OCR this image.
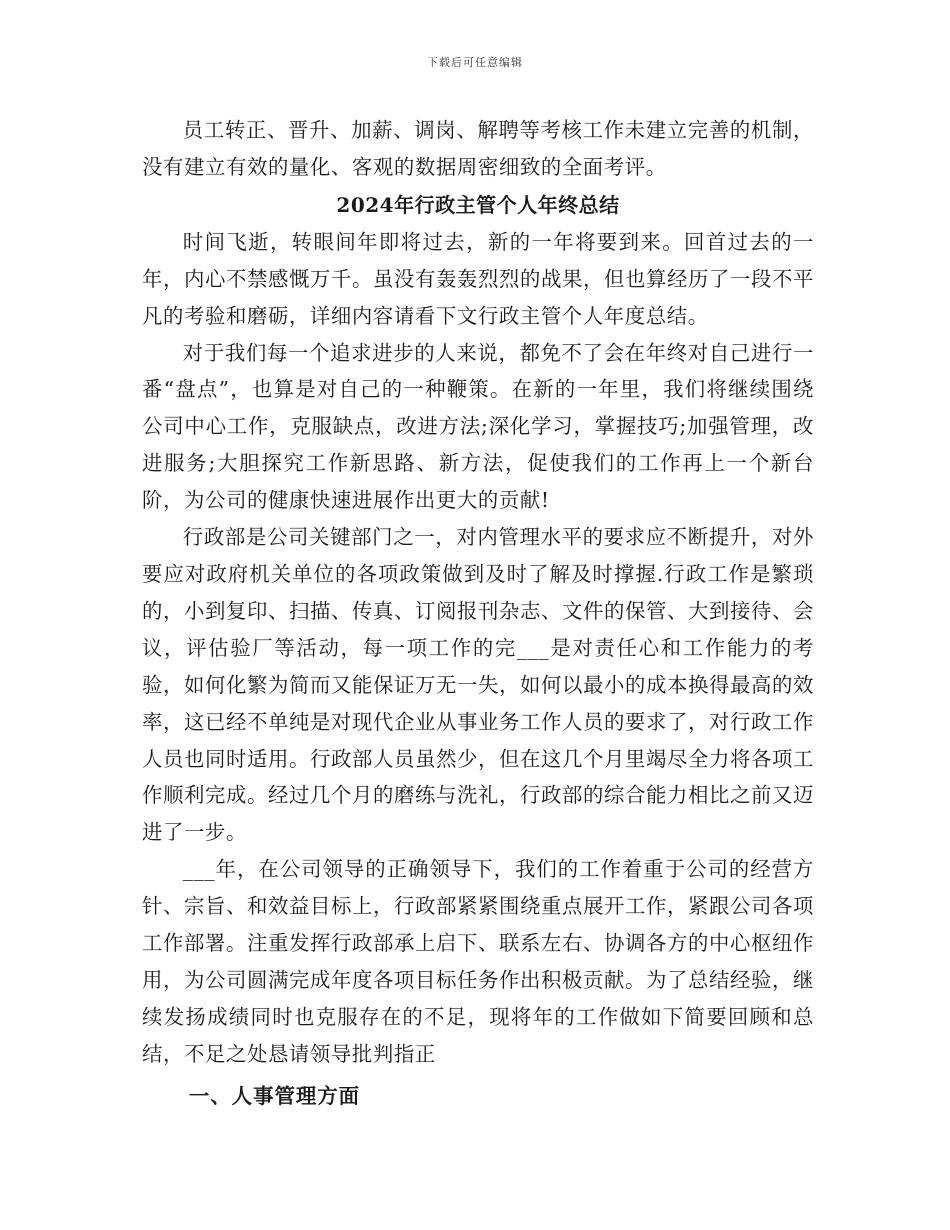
下载后可任意编辑

员工转正、晋升、加薪、调岗、解聘等考核工作未建立完善的机制，没有建立有效的量化、客观的数据周密细致的全面考评。

2024年行政主管个人年终总结

时间飞逝，转眼间年即将过去，新的一年将要到来。回首过去的一年，内心不禁感慨万千。虽没有轰轰烈烈的战果，但也算经历了一段不平凡的考验和磨砺，详细内容请看下文行政主管个人年度总结。

对于我们每一个追求进步的人来说，都免不了会在年终对自己进行一番“盘点”，也算是对自己的一种鞭策。在新的一年里，我们将继续围绕公司中心工作，克服缺点，改进方法;深化学习，掌握技巧;加强管理，改进服务;大胆探究工作新思路、新方法，促使我们的工作再上一个新台阶，为公司的健康快速进展作出更大的贡献!

行政部是公司关键部门之一，对内管理水平的要求应不断提升，对外要应对政府机关单位的各项政策做到及时了解及时撑握.行政工作是繁琐的，小到复印、扫描、传真、订阅报刊杂志、文件的保管、大到接待、会议，评估验厂等活动，每一项工作的完___是对责任心和工作能力的考验，如何化繁为简而又能保证万无一失，如何以最小的成本换得最高的效率，这已经不单纯是对现代企业从事业务工作人员的要求了，对行政工作人员也同时适用。行政部人员虽然少，但在这几个月里竭尽全力将各项工作顺利完成。经过几个月的磨练与洗礼，行政部的综合能力相比之前又迈进了一步。

___年，在公司领导的正确领导下，我们的工作着重于公司的经营方针、宗旨、和效益目标上，行政部紧紧围绕重点展开工作，紧跟公司各项工作部署。注重发挥行政部承上启下、联系左右、协调各方的中心枢纽作用，为公司圆满完成年度各项目标任务作出积极贡献。为了总结经验，继续发扬成绩同时也克服存在的不足，现将年的工作做如下简要回顾和总结，不足之处恳请领导批判指正

一、人事管理方面
